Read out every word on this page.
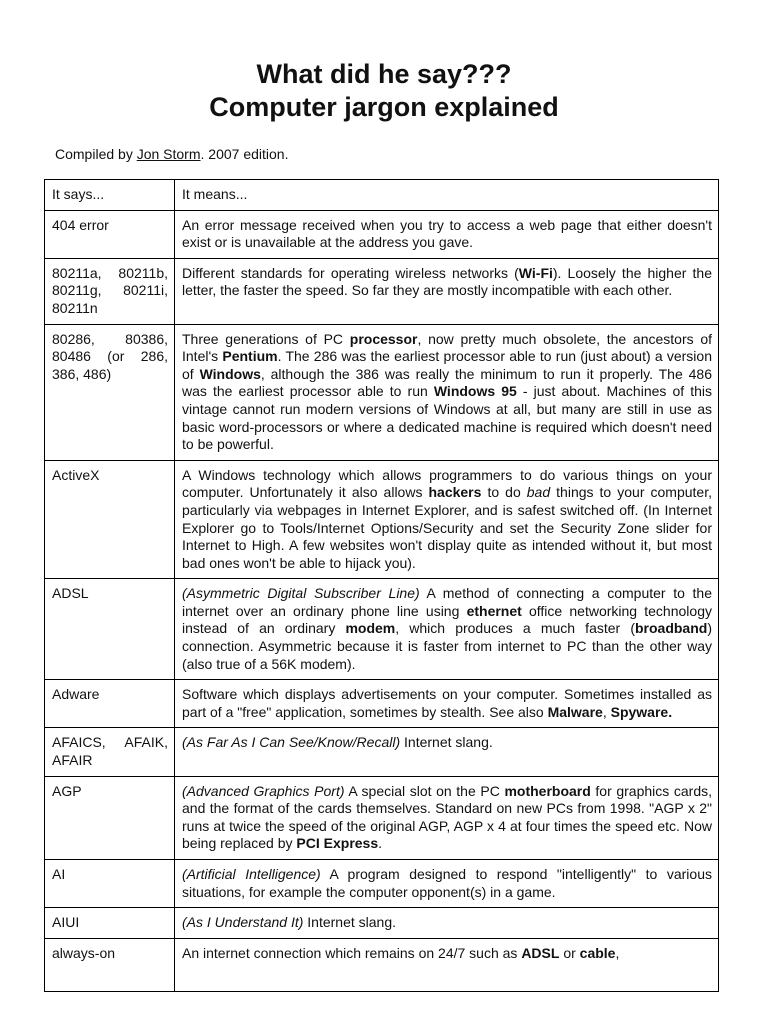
What did he say???
Computer jargon explained
Compiled by Jon Storm. 2007 edition.
It says...	It means...
404 error	An error message received when you try to access a web page that either doesn't exist or is unavailable at the address you gave.
80211a, 80211b, 80211g, 80211i, 80211n	Different standards for operating wireless networks (Wi-Fi). Loosely the higher the letter, the faster the speed. So far they are mostly incompatible with each other.
80286, 80386, 80486 (or 286, 386, 486)	Three generations of PC processor, now pretty much obsolete, the ancestors of Intel's Pentium. The 286 was the earliest processor able to run (just about) a version of Windows, although the 386 was really the minimum to run it properly. The 486 was the earliest processor able to run Windows 95 - just about. Machines of this vintage cannot run modern versions of Windows at all, but many are still in use as basic word-processors or where a dedicated machine is required which doesn't need to be powerful.
ActiveX	A Windows technology which allows programmers to do various things on your computer. Unfortunately it also allows hackers to do bad things to your computer, particularly via webpages in Internet Explorer, and is safest switched off. (In Internet Explorer go to Tools/Internet Options/Security and set the Security Zone slider for Internet to High. A few websites won't display quite as intended without it, but most bad ones won't be able to hijack you).
ADSL	(Asymmetric Digital Subscriber Line) A method of connecting a computer to the internet over an ordinary phone line using ethernet office networking technology instead of an ordinary modem, which produces a much faster (broadband) connection. Asymmetric because it is faster from internet to PC than the other way (also true of a 56K modem).
Adware	Software which displays advertisements on your computer. Sometimes installed as part of a "free" application, sometimes by stealth. See also Malware, Spyware.
AFAICS, AFAIK, AFAIR	(As Far As I Can See/Know/Recall) Internet slang.
AGP	(Advanced Graphics Port) A special slot on the PC motherboard for graphics cards, and the format of the cards themselves. Standard on new PCs from 1998. "AGP x 2" runs at twice the speed of the original AGP, AGP x 4 at four times the speed etc. Now being replaced by PCI Express.
AI	(Artificial Intelligence) A program designed to respond "intelligently" to various situations, for example the computer opponent(s) in a game.
AIUI	(As I Understand It) Internet slang.
always-on	An internet connection which remains on 24/7 such as ADSL or cable,
